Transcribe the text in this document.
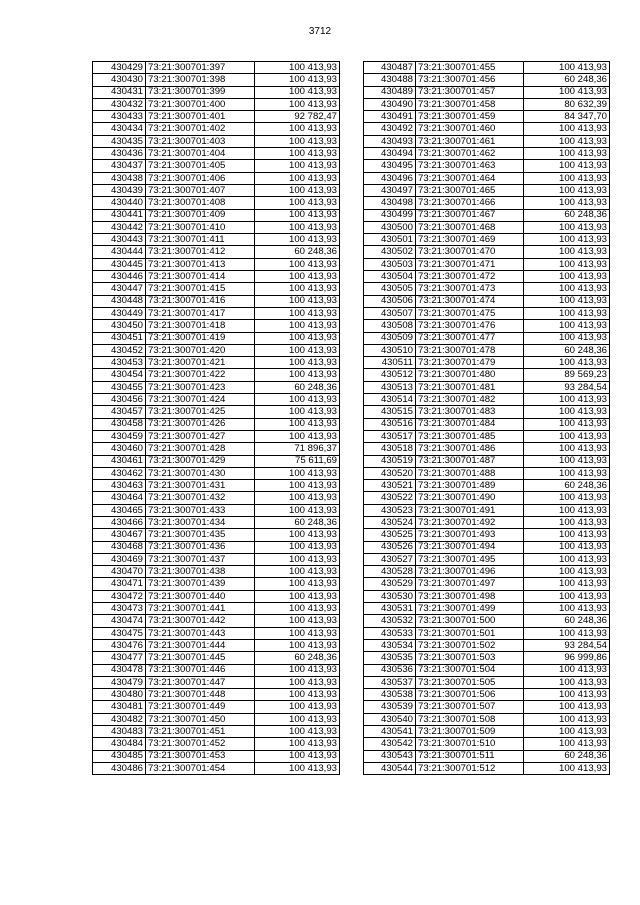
3712
430429	73:21:300701:397	100 413,93
430430	73:21:300701:398	100 413,93
430431	73:21:300701:399	100 413,93
430432	73:21:300701:400	100 413,93
430433	73:21:300701:401	92 782,47
430434	73:21:300701:402	100 413,93
430435	73:21:300701:403	100 413,93
430436	73:21:300701:404	100 413,93
430437	73:21:300701:405	100 413,93
430438	73:21:300701:406	100 413,93
430439	73:21:300701:407	100 413,93
430440	73:21:300701:408	100 413,93
430441	73:21:300701:409	100 413,93
430442	73:21:300701:410	100 413,93
430443	73:21:300701:411	100 413,93
430444	73:21:300701:412	60 248,36
430445	73:21:300701:413	100 413,93
430446	73:21:300701:414	100 413,93
430447	73:21:300701:415	100 413,93
430448	73:21:300701:416	100 413,93
430449	73:21:300701:417	100 413,93
430450	73:21:300701:418	100 413,93
430451	73:21:300701:419	100 413,93
430452	73:21:300701:420	100 413,93
430453	73:21:300701:421	100 413,93
430454	73:21:300701:422	100 413,93
430455	73:21:300701:423	60 248,36
430456	73:21:300701:424	100 413,93
430457	73:21:300701:425	100 413,93
430458	73:21:300701:426	100 413,93
430459	73:21:300701:427	100 413,93
430460	73:21:300701:428	71 896,37
430461	73:21:300701:429	75 611,69
430462	73:21:300701:430	100 413,93
430463	73:21:300701:431	100 413,93
430464	73:21:300701:432	100 413,93
430465	73:21:300701:433	100 413,93
430466	73:21:300701:434	60 248,36
430467	73:21:300701:435	100 413,93
430468	73:21:300701:436	100 413,93
430469	73:21:300701:437	100 413,93
430470	73:21:300701:438	100 413,93
430471	73:21:300701:439	100 413,93
430472	73:21:300701:440	100 413,93
430473	73:21:300701:441	100 413,93
430474	73:21:300701:442	100 413,93
430475	73:21:300701:443	100 413,93
430476	73:21:300701:444	100 413,93
430477	73:21:300701:445	60 248,36
430478	73:21:300701:446	100 413,93
430479	73:21:300701:447	100 413,93
430480	73:21:300701:448	100 413,93
430481	73:21:300701:449	100 413,93
430482	73:21:300701:450	100 413,93
430483	73:21:300701:451	100 413,93
430484	73:21:300701:452	100 413,93
430485	73:21:300701:453	100 413,93
430486	73:21:300701:454	100 413,93
430487	73:21:300701:455	100 413,93
430488	73:21:300701:456	60 248,36
430489	73:21:300701:457	100 413,93
430490	73:21:300701:458	80 632,39
430491	73:21:300701:459	84 347,70
430492	73:21:300701:460	100 413,93
430493	73:21:300701:461	100 413,93
430494	73:21:300701:462	100 413,93
430495	73:21:300701:463	100 413,93
430496	73:21:300701:464	100 413,93
430497	73:21:300701:465	100 413,93
430498	73:21:300701:466	100 413,93
430499	73:21:300701:467	60 248,36
430500	73:21:300701:468	100 413,93
430501	73:21:300701:469	100 413,93
430502	73:21:300701:470	100 413,93
430503	73:21:300701:471	100 413,93
430504	73:21:300701:472	100 413,93
430505	73:21:300701:473	100 413,93
430506	73:21:300701:474	100 413,93
430507	73:21:300701:475	100 413,93
430508	73:21:300701:476	100 413,93
430509	73:21:300701:477	100 413,93
430510	73:21:300701:478	60 248,36
430511	73:21:300701:479	100 413,93
430512	73:21:300701:480	89 569,23
430513	73:21:300701:481	93 284,54
430514	73:21:300701:482	100 413,93
430515	73:21:300701:483	100 413,93
430516	73:21:300701:484	100 413,93
430517	73:21:300701:485	100 413,93
430518	73:21:300701:486	100 413,93
430519	73:21:300701:487	100 413,93
430520	73:21:300701:488	100 413,93
430521	73:21:300701:489	60 248,36
430522	73:21:300701:490	100 413,93
430523	73:21:300701:491	100 413,93
430524	73:21:300701:492	100 413,93
430525	73:21:300701:493	100 413,93
430526	73:21:300701:494	100 413,93
430527	73:21:300701:495	100 413,93
430528	73:21:300701:496	100 413,93
430529	73:21:300701:497	100 413,93
430530	73:21:300701:498	100 413,93
430531	73:21:300701:499	100 413,93
430532	73:21:300701:500	60 248,36
430533	73:21:300701:501	100 413,93
430534	73:21:300701:502	93 284,54
430535	73:21:300701:503	96 999,86
430536	73:21:300701:504	100 413,93
430537	73:21:300701:505	100 413,93
430538	73:21:300701:506	100 413,93
430539	73:21:300701:507	100 413,93
430540	73:21:300701:508	100 413,93
430541	73:21:300701:509	100 413,93
430542	73:21:300701:510	100 413,93
430543	73:21:300701:511	60 248,36
430544	73:21:300701:512	100 413,93
